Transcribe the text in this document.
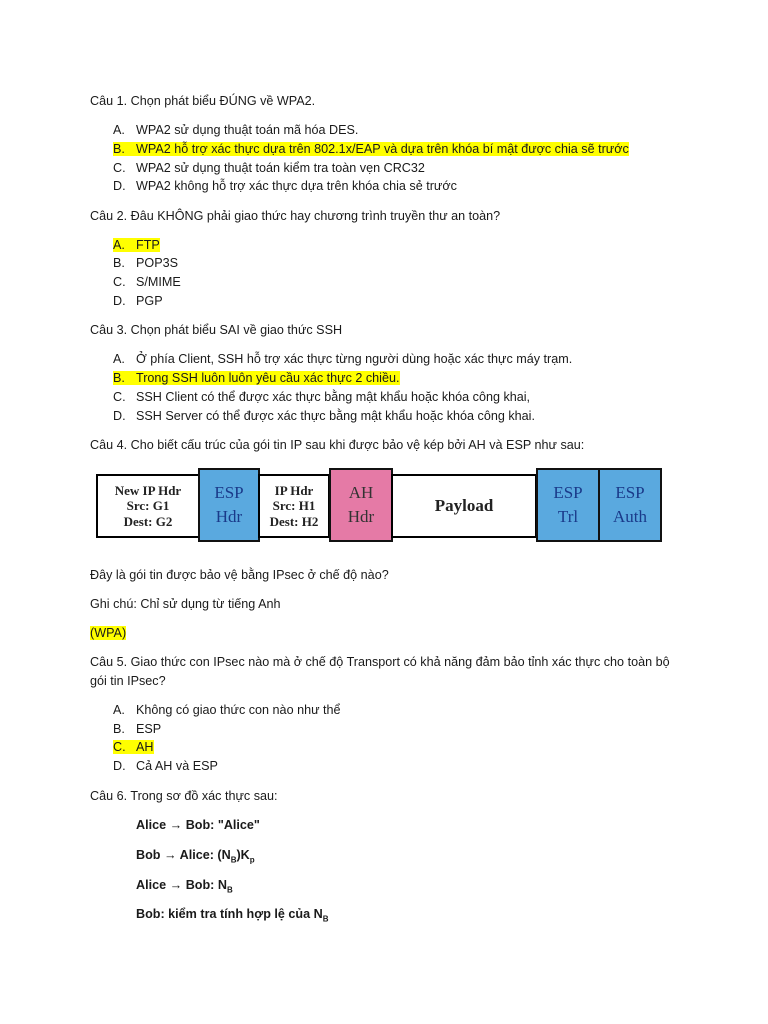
Câu 1. Chọn phát biểu ĐÚNG về WPA2.
A. WPA2 sử dụng thuật toán mã hóa DES.
B. WPA2 hỗ trợ xác thực dựa trên 802.1x/EAP và dựa trên khóa bí mật được chia sẽ trước
C. WPA2 sử dụng thuật toán kiểm tra toàn vẹn CRC32
D. WPA2 không hỗ trợ xác thực dựa trên khóa chia sẻ trước
Câu 2. Đâu KHÔNG phải giao thức hay chương trình truyền thư an toàn?
A. FTP
B. POP3S
C. S/MIME
D. PGP
Câu 3. Chọn phát biểu SAI về giao thức SSH
A. Ở phía Client, SSH hỗ trợ xác thực từng người dùng hoặc xác thực máy trạm.
B. Trong SSH luôn luôn yêu cầu xác thực 2 chiều.
C. SSH Client có thể được xác thực bằng mật khẩu hoặc khóa công khai,
D. SSH Server có thể được xác thực bằng mật khẩu hoặc khóa công khai.
Câu 4. Cho biết cấu trúc của gói tin IP sau khi được bảo vệ kép bởi AH và ESP như sau:
New IP Hdr
Src: G1
Dest: G2
ESP
Hdr
IP Hdr
Src: H1
Dest: H2
AH
Hdr
Payload
ESP
Trl
ESP
Auth
Đây là gói tin được bảo vệ bằng IPsec ở chế độ nào?
Ghi chú: Chỉ sử dụng từ tiếng Anh
(WPA)
Câu 5. Giao thức con IPsec nào mà ở chế độ Transport có khả năng đảm bảo tỉnh xác thực cho toàn bộ
gói tin IPsec?
A. Không có giao thức con nào như thể
B. ESP
C. AH
D. Cả AH và ESP
Câu 6. Trong sơ đồ xác thực sau:
Alice → Bob: "Alice"
Bob → Alice: $(N_B)K_p$
Alice → Bob: $N_B$
Bob: kiểm tra tính hợp lệ của $N_B$
